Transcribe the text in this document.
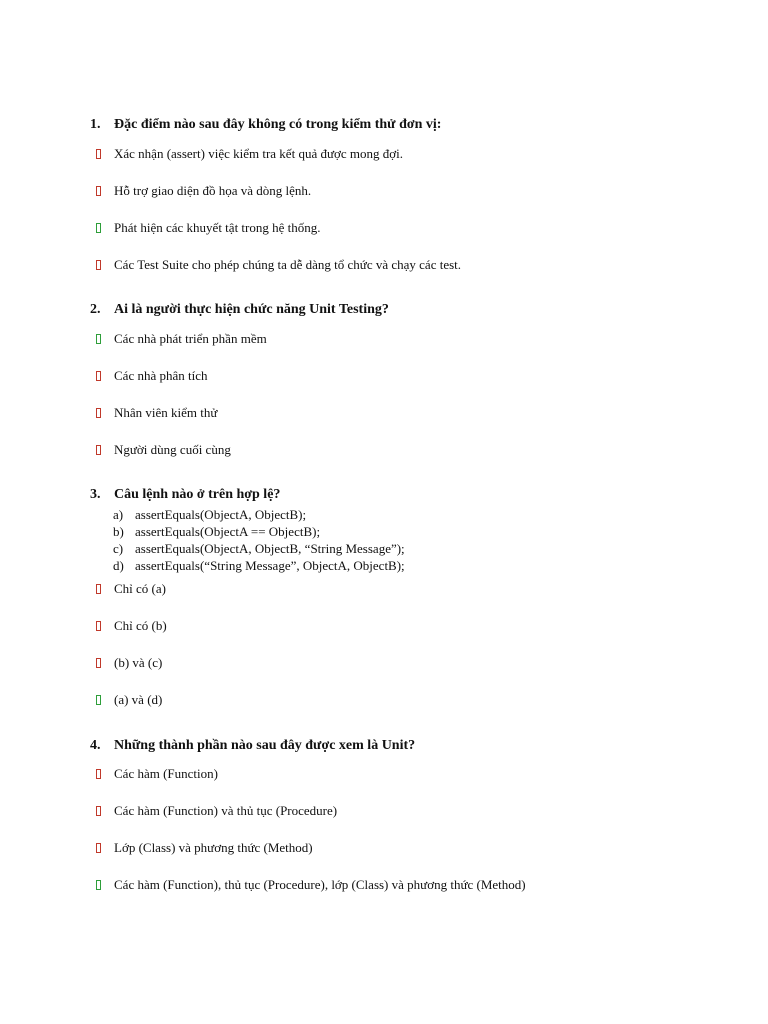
1. Đặc điểm nào sau đây không có trong kiểm thử đơn vị:
Xác nhận (assert) việc kiểm tra kết quả được mong đợi.
Hỗ trợ giao diện đồ họa và dòng lệnh.
Phát hiện các khuyết tật trong hệ thống.
Các Test Suite cho phép chúng ta dễ dàng tổ chức và chạy các test.
2. Ai là người thực hiện chức năng Unit Testing?
Các nhà phát triển phần mềm
Các nhà phân tích
Nhân viên kiểm thử
Người dùng cuối cùng
3. Câu lệnh nào ở trên hợp lệ?
a) assertEquals(ObjectA, ObjectB);
b) assertEquals(ObjectA == ObjectB);
c) assertEquals(ObjectA, ObjectB, “String Message”);
d) assertEquals(“String Message”, ObjectA, ObjectB);
Chỉ có (a)
Chỉ có (b)
(b) và (c)
(a) và (d)
4. Những thành phần nào sau đây được xem là Unit?
Các hàm (Function)
Các hàm (Function) và thủ tục (Procedure)
Lớp (Class) và phương thức (Method)
Các hàm (Function), thủ tục (Procedure), lớp (Class) và phương thức (Method)
